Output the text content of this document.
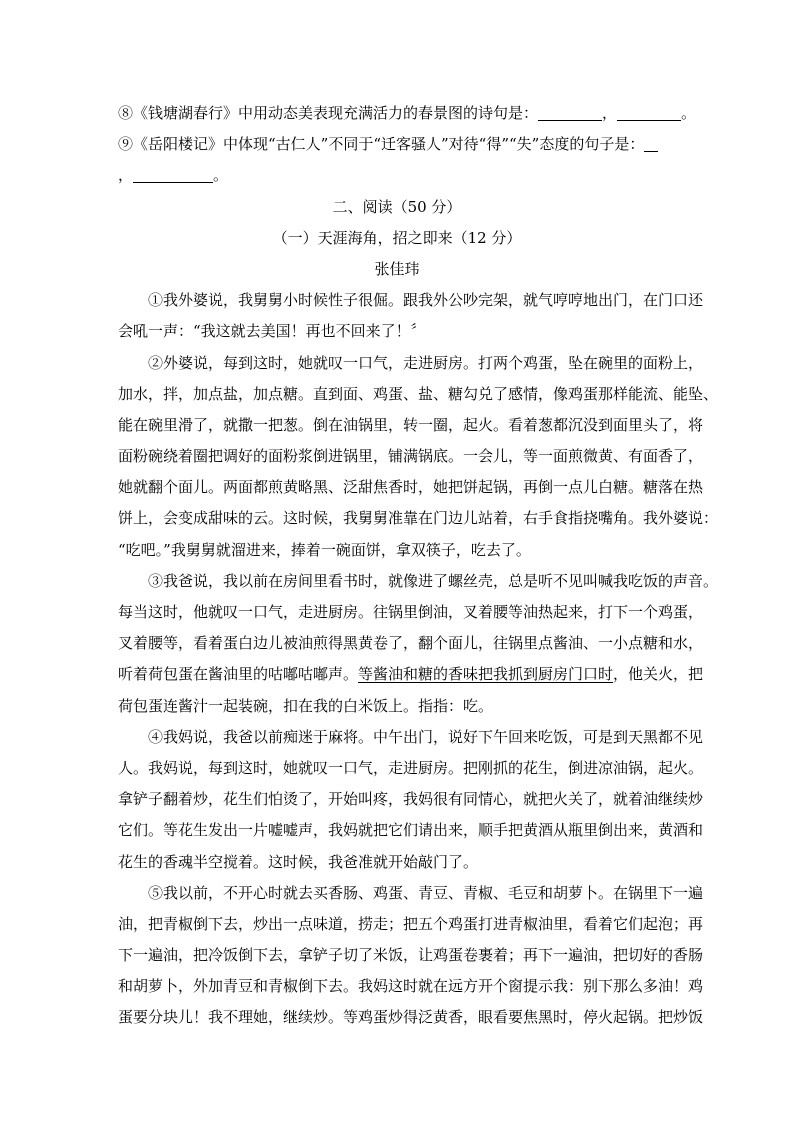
⑧《钱塘湖春行》中用动态美表现充满活力的春景图的诗句是：	，	。
⑨《岳阳楼记》中体现“古仁人”不同于“迁客骚人”对待“得”“失”态度的句子是：
，	。
二、阅读（50 分）
（一）天涯海角，招之即来（12 分）
张佳玮
①我外婆说，我舅舅小时候性子很倔。跟我外公吵完架，就气哼哼地出门，在门口还
会吼一声：“我这就去美国！再也不回来了！〞
②外婆说，每到这时，她就叹一口气，走进厨房。打两个鸡蛋，坠在碗里的面粉上，
加水，拌，加点盐，加点糖。直到面、鸡蛋、盐、糖勾兑了感情，像鸡蛋那样能流、能坠、
能在碗里滑了，就撒一把葱。倒在油锅里，转一圈，起火。看着葱都沉没到面里头了，将
面粉碗绕着圈把调好的面粉浆倒进锅里，铺满锅底。一会儿，等一面煎微黄、有面香了，
她就翻个面儿。两面都煎黄略黑、泛甜焦香时，她把饼起锅，再倒一点儿白糖。糖落在热
饼上，会变成甜味的云。这时候，我舅舅准靠在门边儿站着，右手食指挠嘴角。我外婆说：
“吃吧。”我舅舅就溜进来，捧着一碗面饼，拿双筷子，吃去了。
③我爸说，我以前在房间里看书时，就像进了螺丝壳，总是听不见叫喊我吃饭的声音。
每当这时，他就叹一口气，走进厨房。往锅里倒油，叉着腰等油热起来，打下一个鸡蛋，
叉着腰等，看着蛋白边儿被油煎得黑黄卷了，翻个面儿，往锅里点酱油、一小点糖和水，
听着荷包蛋在酱油里的咕嘟咕嘟声。等酱油和糖的香味把我抓到厨房门口时，他关火，把
荷包蛋连酱汁一起装碗，扣在我的白米饭上。指指：吃。
④我妈说，我爸以前痴迷于麻将。中午出门，说好下午回来吃饭，可是到天黑都不见
人。我妈说，每到这时，她就叹一口气，走进厨房。把刚抓的花生，倒进凉油锅，起火。
拿铲子翻着炒，花生们怕烫了，开始叫疼，我妈很有同情心，就把火关了，就着油继续炒
它们。等花生发出一片嘘嘘声，我妈就把它们请出来，顺手把黄酒从瓶里倒出来，黄酒和
花生的香魂半空搅着。这时候，我爸准就开始敲门了。
⑤我以前，不开心时就去买香肠、鸡蛋、青豆、青椒、毛豆和胡萝卜。在锅里下一遍
油，把青椒倒下去，炒出一点味道，捞走；把五个鸡蛋打进青椒油里，看着它们起泡；再
下一遍油，把冷饭倒下去，拿铲子切了米饭，让鸡蛋卷裹着；再下一遍油，把切好的香肠
和胡萝卜，外加青豆和青椒倒下去。我妈这时就在远方开个窗提示我：别下那么多油！鸡
蛋要分块儿！我不理她，继续炒。等鸡蛋炒得泛黄香，眼看要焦黑时，停火起锅。把炒饭
